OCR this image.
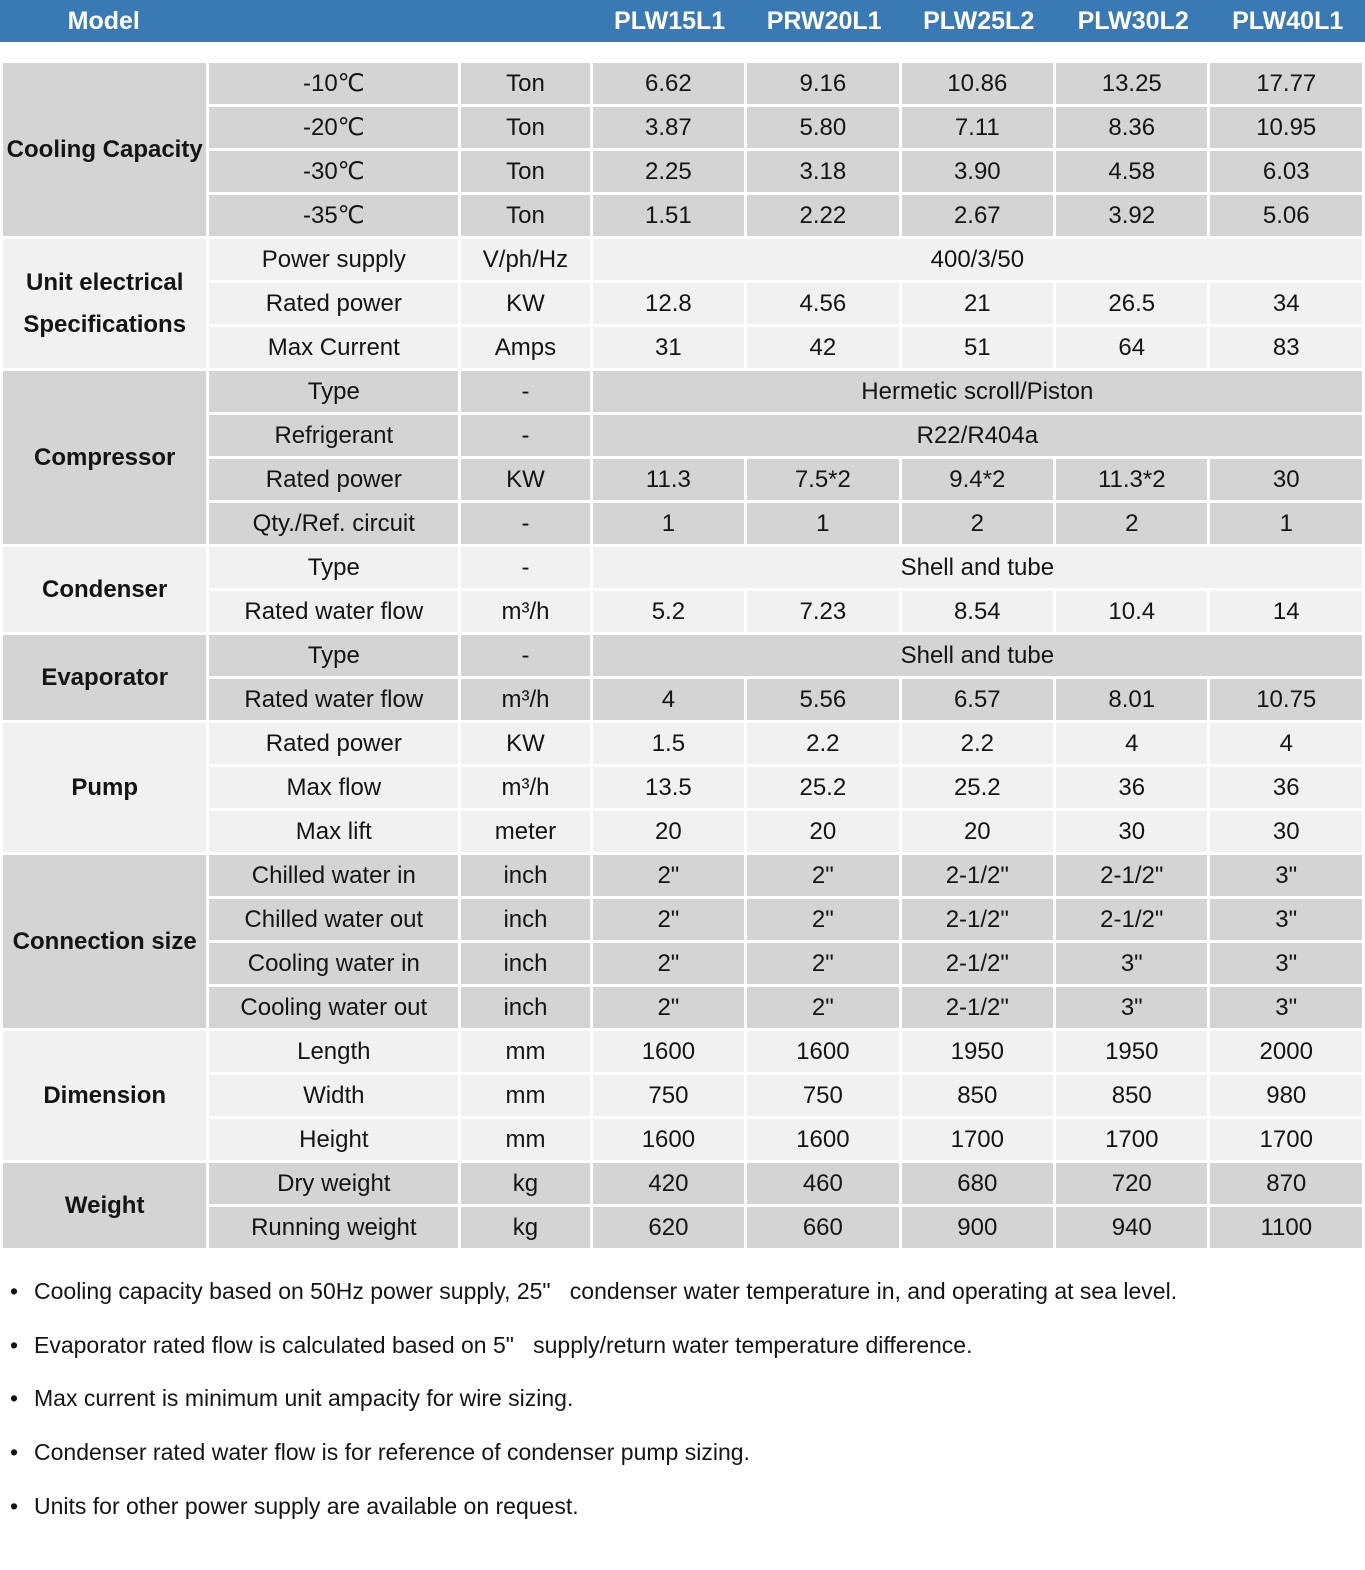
Model	PLW15L1	PRW20L1	PLW25L2	PLW30L2	PLW40L1
Cooling Capacity	-10℃	Ton	6.62	9.16	10.86	13.25	17.77
	-20℃	Ton	3.87	5.80	7.11	8.36	10.95
	-30℃	Ton	2.25	3.18	3.90	4.58	6.03
	-35℃	Ton	1.51	2.22	2.67	3.92	5.06
Unit electrical Specifications	Power supply	V/ph/Hz	400/3/50				
	Rated power	KW	12.8	4.56	21	26.5	34
	Max Current	Amps	31	42	51	64	83
Compressor	Type	-	Hermetic scroll/Piston				
	Refrigerant	-	R22/R404a				
	Rated power	KW	11.3	7.5*2	9.4*2	11.3*2	30
	Qty./Ref. circuit	-	1	1	2	2	1
Condenser	Type	-	Shell and tube				
	Rated water flow	m³/h	5.2	7.23	8.54	10.4	14
Evaporator	Type	-	Shell and tube				
	Rated water flow	m³/h	4	5.56	6.57	8.01	10.75
Pump	Rated power	KW	1.5	2.2	2.2	4	4
	Max flow	m³/h	13.5	25.2	25.2	36	36
	Max lift	meter	20	20	20	30	30
Connection size	Chilled water in	inch	2"	2"	2-1/2"	2-1/2"	3"
	Chilled water out	inch	2"	2"	2-1/2"	2-1/2"	3"
	Cooling water in	inch	2"	2"	2-1/2"	3"	3"
	Cooling water out	inch	2"	2"	2-1/2"	3"	3"
Dimension	Length	mm	1600	1600	1950	1950	2000
	Width	mm	750	750	850	850	980
	Height	mm	1600	1600	1700	1700	1700
Weight	Dry weight	kg	420	460	680	720	870
	Running weight	kg	620	660	900	940	1100
• Cooling capacity based on 50Hz power supply, 25"   condenser water temperature in, and operating at sea level.
• Evaporator rated flow is calculated based on 5"   supply/return water temperature difference.
• Max current is minimum unit ampacity for wire sizing.
• Condenser rated water flow is for reference of condenser pump sizing.
• Units for other power supply are available on request.
